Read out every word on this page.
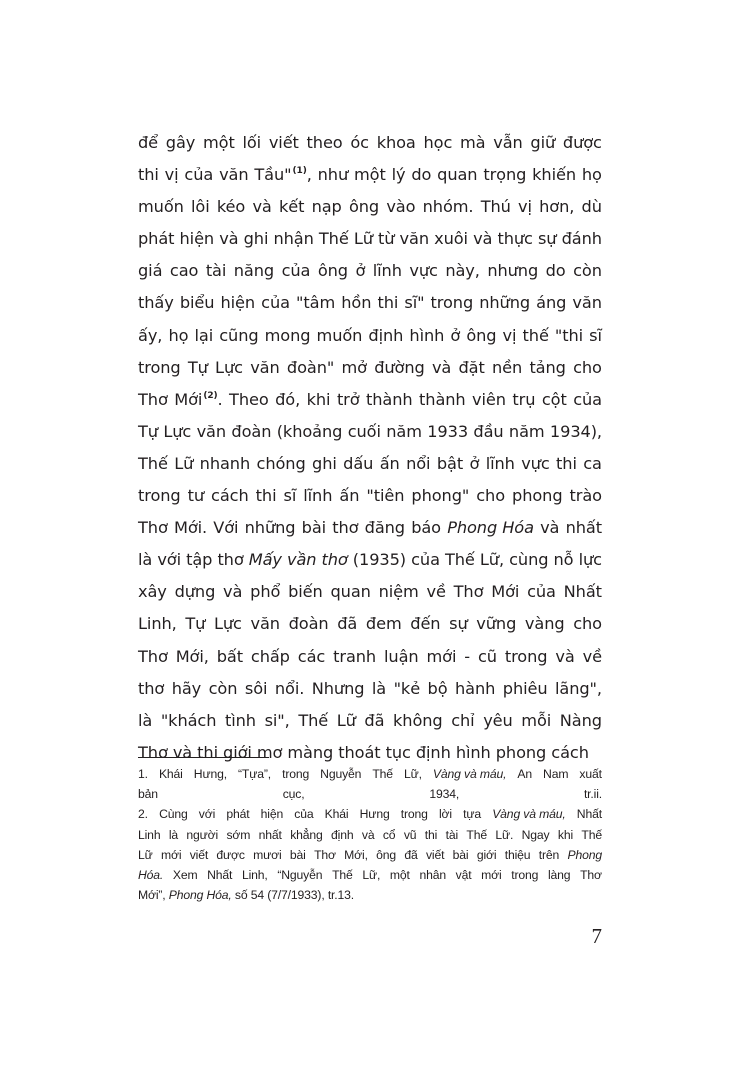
để gây một lối viết theo óc khoa học mà vẫn giữ được
thi vị của văn Tầu"$^{(1)}$, như một lý do quan trọng khiến họ
muốn lôi kéo và kết nạp ông vào nhóm. Thú vị hơn, dù
phát hiện và ghi nhận Thế Lữ từ văn xuôi và thực sự đánh
giá cao tài năng của ông ở lĩnh vực này, nhưng do còn
thấy biểu hiện của "tâm hồn thi sĩ" trong những áng văn
ấy, họ lại cũng mong muốn định hình ở ông vị thế "thi sĩ
trong Tự Lực văn đoàn" mở đường và đặt nền tảng cho
Thơ Mới$^{(2)}$. Theo đó, khi trở thành thành viên trụ cột của
Tự Lực văn đoàn (khoảng cuối năm 1933 đầu năm 1934),
Thế Lữ nhanh chóng ghi dấu ấn nổi bật ở lĩnh vực thi ca
trong tư cách thi sĩ lĩnh ấn "tiên phong" cho phong trào
Thơ Mới. Với những bài thơ đăng báo Phong Hóa và nhất
là với tập thơ Mấy vần thơ (1935) của Thế Lữ, cùng nỗ lực
xây dựng và phổ biến quan niệm về Thơ Mới của Nhất
Linh, Tự Lực văn đoàn đã đem đến sự vững vàng cho
Thơ Mới, bất chấp các tranh luận mới - cũ trong và về
thơ hãy còn sôi nổi. Nhưng là "kẻ bộ hành phiêu lãng",
là "khách tình si", Thế Lữ đã không chỉ yêu mỗi Nàng
Thơ
và
thi
giới
mơ
màng
thoát
tục
định
hình
phong
cách
1. Khái Hưng, “Tựa”, trong Nguyễn Thế Lữ, Vàng và máu, An Nam xuất
bản	cục,	1934,	tr.ii.
2. Cùng với phát hiện của Khái Hưng trong lời tựa Vàng và máu, Nhất
Linh là người sớm nhất khẳng định và cổ vũ thi tài Thế Lữ. Ngay khi Thế
Lữ mới viết được mươi bài Thơ Mới, ông đã viết bài giới thiệu trên Phong
Hóa. Xem Nhất Linh, “Nguyễn Thế Lữ, một nhân vật mới trong làng Thơ
Mới”,
Phong Hóa,
số
54
(7/7/1933),
tr.13.
7
